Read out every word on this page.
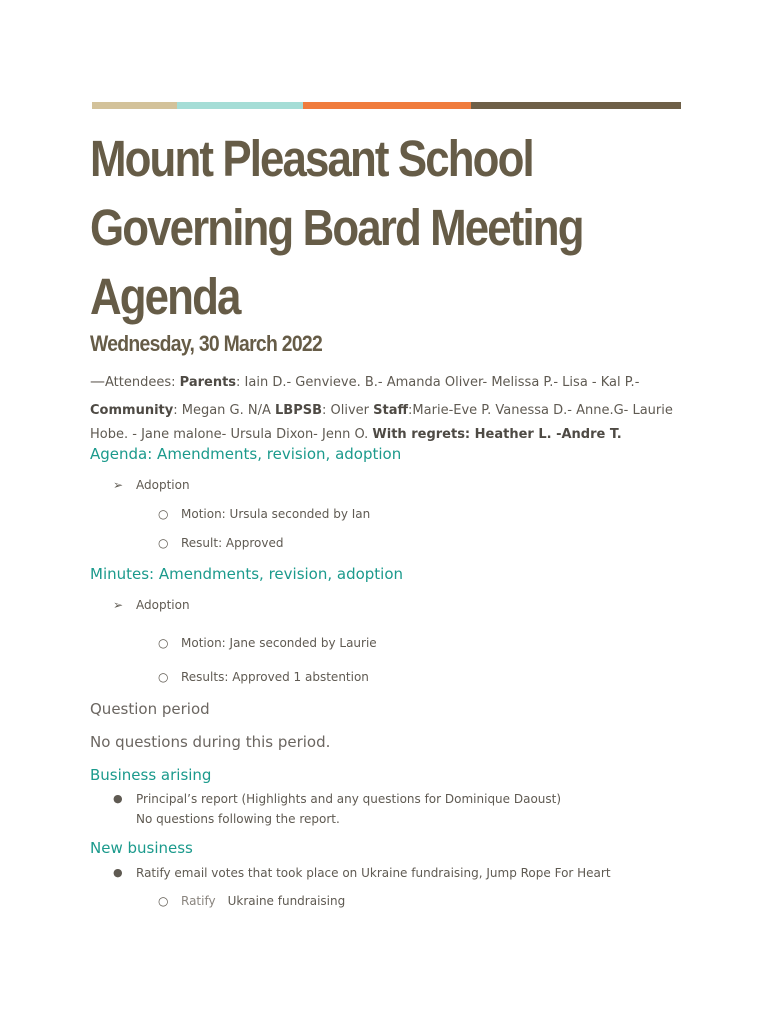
Mount Pleasant School
Governing Board Meeting
Agenda
Wednesday, 30 March 2022
—Attendees: Parents: Iain D.- Genvieve. B.- Amanda Oliver- Melissa P.- Lisa - Kal P.-
Community: Megan G. N/A LBPSB: Oliver Staff:Marie-Eve P. Vanessa D.- Anne.G- Laurie
Hobe. - Jane malone- Ursula Dixon- Jenn O. With regrets: Heather L. -Andre T.
Agenda: Amendments, revision, adoption
➢ Adoption
○ Motion: Ursula seconded by Ian
○ Result: Approved
Minutes: Amendments, revision, adoption
➢ Adoption
○ Motion: Jane seconded by Laurie
○ Results: Approved 1 abstention
Question period
No questions during this period.
Business arising
● Principal’s report (Highlights and any questions for Dominique Daoust)
No questions following the report.
New business
● Ratify email votes that took place on Ukraine fundraising, Jump Rope For Heart
○ Ratify Ukraine fundraising
